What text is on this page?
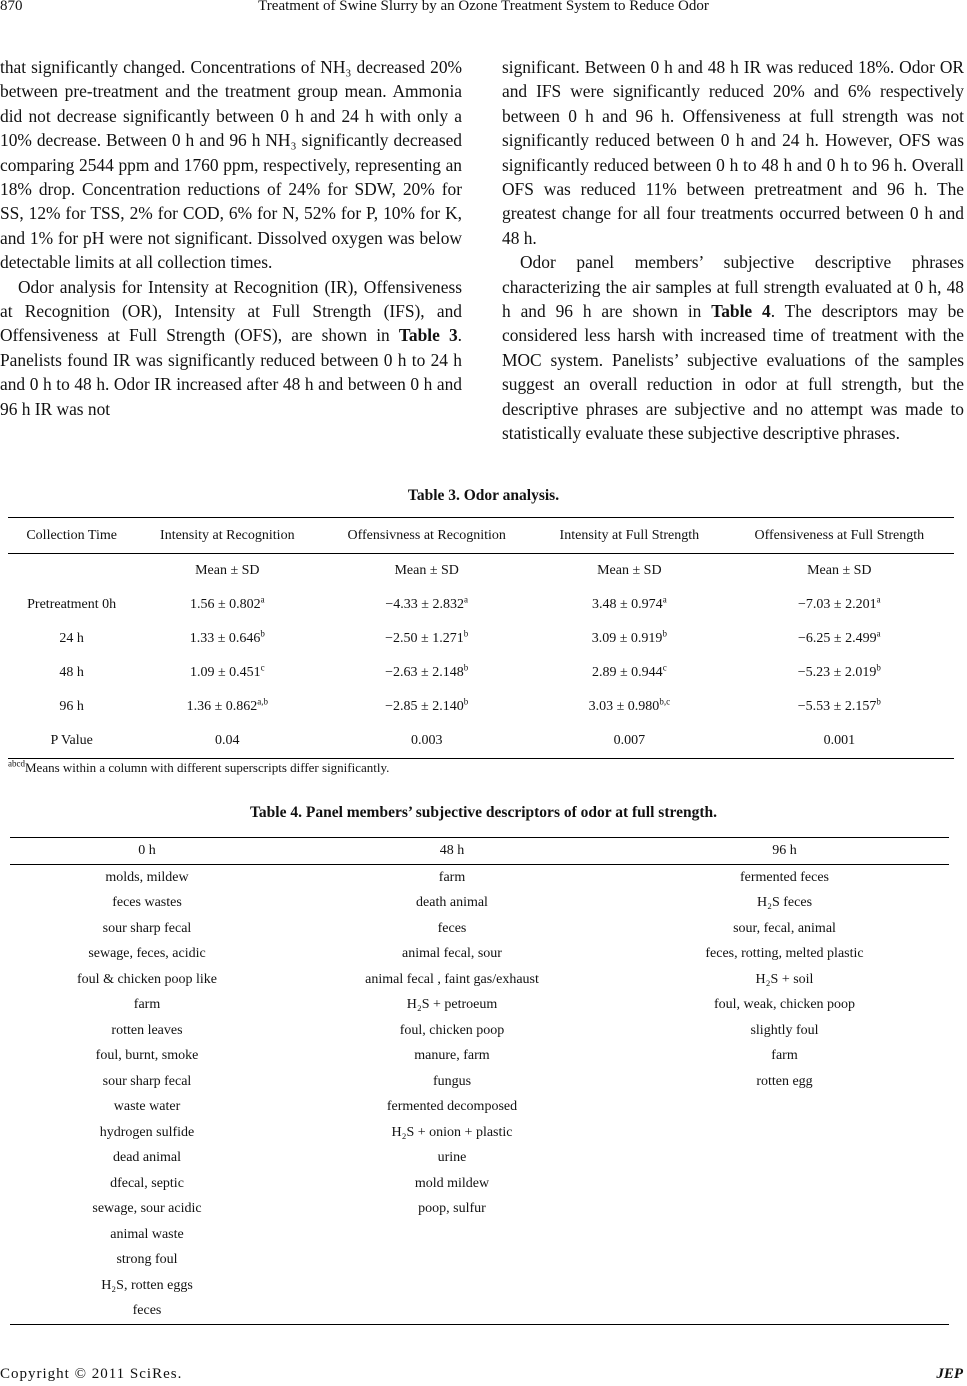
870	Treatment of Swine Slurry by an Ozone Treatment System to Reduce Odor

that significantly changed. Concentrations of NH₃ decreased 20% between pre-treatment and the treatment group mean. Ammonia did not decrease significantly between 0 h and 24 h with only a 10% decrease. Between 0 h and 96 h NH₃ significantly decreased comparing 2544 ppm and 1760 ppm, respectively, representing an 18% drop. Concentration reductions of 24% for SDW, 20% for SS, 12% for TSS, 2% for COD, 6% for N, 52% for P, 10% for K, and 1% for pH were not significant. Dissolved oxygen was below detectable limits at all collection times.

Odor analysis for Intensity at Recognition (IR), Offensiveness at Recognition (OR), Intensity at Full Strength (IFS), and Offensiveness at Full Strength (OFS), are shown in Table 3. Panelists found IR was significantly reduced between 0 h to 24 h and 0 h to 48 h. Odor IR increased after 48 h and between 0 h and 96 h IR was not

significant. Between 0 h and 48 h IR was reduced 18%. Odor OR and IFS were significantly reduced 20% and 6% respectively between 0 h and 96 h. Offensiveness at full strength was not significantly reduced between 0 h and 24 h. However, OFS was significantly reduced between 0 h to 48 h and 0 h to 96 h. Overall OFS was reduced 11% between pretreatment and 96 h. The greatest change for all four treatments occurred between 0 h and 48 h.

Odor panel members’ subjective descriptive phrases characterizing the air samples at full strength evaluated at 0 h, 48 h and 96 h are shown in Table 4. The descriptors may be considered less harsh with increased time of treatment with the MOC system. Panelists’ subjective evaluations of the samples suggest an overall reduction in odor at full strength, but the descriptive phrases are subjective and no attempt was made to statistically evaluate these subjective descriptive phrases.

Table 3. Odor analysis.
Collection Time	Intensity at Recognition	Offensivness at Recognition	Intensity at Full Strength	Offensiveness at Full Strength
	Mean ± SD	Mean ± SD	Mean ± SD	Mean ± SD
Pretreatment 0h	1.56 ± 0.802$^a$	−4.33 ± 2.832$^a$	3.48 ± 0.974$^a$	−7.03 ± 2.201$^a$
24 h	1.33 ± 0.646$^b$	−2.50 ± 1.271$^b$	3.09 ± 0.919$^b$	−6.25 ± 2.499$^a$
48 h	1.09 ± 0.451$^c$	−2.63 ± 2.148$^b$	2.89 ± 0.944$^c$	−5.23 ± 2.019$^b$
96 h	$1.36 \pm 0.862^{a,b}$	−2.85 ± 2.140$^b$	$3.03 \pm 0.980^{b,c}$	−5.53 ± 2.157$^b$
P Value	0.04	0.003	0.007	0.001
$^{abcd}$Means within a column with different superscripts differ significantly.
Table 4. Panel members’ subjective descriptors of odor at full strength.
0 h	48 h	96 h
molds, mildew	farm	fermented feces
feces wastes	death animal	H₂S feces
sour sharp fecal	feces	sour, fecal, animal
sewage, feces, acidic	animal fecal, sour	feces, rotting, melted plastic
foul & chicken poop like	animal fecal , faint gas/exhaust	H₂S + soil
farm	H₂S + petroeum	foul, weak, chicken poop
rotten leaves	foul, chicken poop	slightly foul
foul, burnt, smoke	manure, farm	farm
sour sharp fecal	fungus	rotten egg
waste water	fermented decomposed	
hydrogen sulfide	H₂S + onion + plastic	
dead animal	urine	
dfecal, septic	mold mildew	
sewage, sour acidic	poop, sulfur	
animal waste		
strong foul		
H₂S, rotten eggs		
feces		
Copyright © 2011 SciRes.	JEP
